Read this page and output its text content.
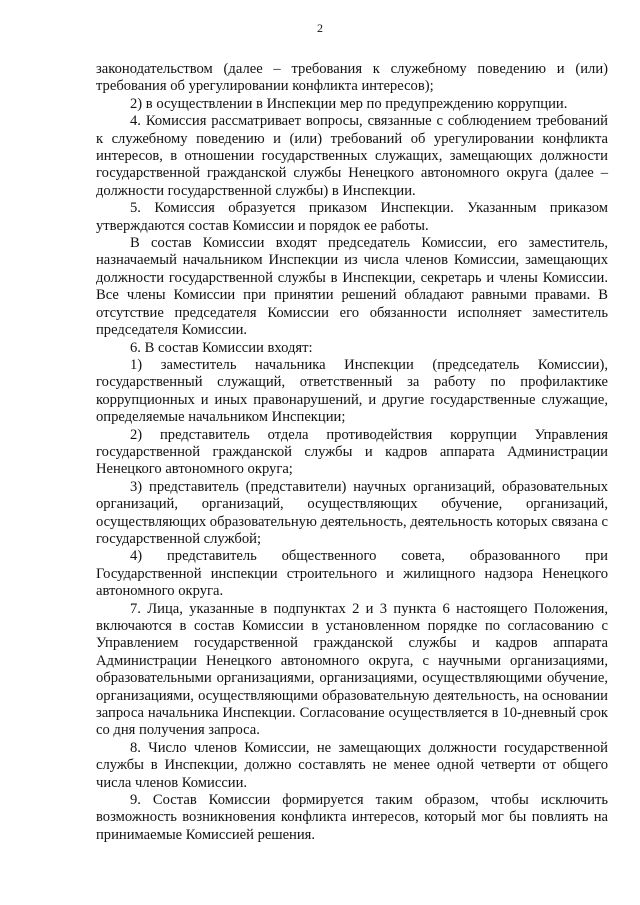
2

законодательством (далее – требования к служебному поведению и (или) требования об урегулировании конфликта интересов);

2) в осуществлении в Инспекции мер по предупреждению коррупции.

4. Комиссия рассматривает вопросы, связанные с соблюдением требований к служебному поведению и (или) требований об урегулировании конфликта интересов, в отношении государственных служащих, замещающих должности государственной гражданской службы Ненецкого автономного округа (далее – должности государственной службы) в Инспекции.

5. Комиссия образуется приказом Инспекции. Указанным приказом утверждаются состав Комиссии и порядок ее работы.

В состав Комиссии входят председатель Комиссии, его заместитель, назначаемый начальником Инспекции из числа членов Комиссии, замещающих должности государственной службы в Инспекции, секретарь и члены Комиссии. Все члены Комиссии при принятии решений обладают равными правами. В отсутствие председателя Комиссии его обязанности исполняет заместитель председателя Комиссии.

6. В состав Комиссии входят:

1) заместитель начальника Инспекции (председатель Комиссии), государственный служащий, ответственный за работу по профилактике коррупционных и иных правонарушений, и другие государственные служащие, определяемые начальником Инспекции;

2) представитель отдела противодействия коррупции Управления государственной гражданской службы и кадров аппарата Администрации Ненецкого автономного округа;

3) представитель (представители) научных организаций, образовательных организаций, организаций, осуществляющих обучение, организаций, осуществляющих образовательную деятельность, деятельность которых связана с государственной службой;

4) представитель общественного совета, образованного при Государственной инспекции строительного и жилищного надзора Ненецкого автономного округа.

7. Лица, указанные в подпунктах 2 и 3 пункта 6 настоящего Положения, включаются в состав Комиссии в установленном порядке по согласованию с Управлением государственной гражданской службы и кадров аппарата Администрации Ненецкого автономного округа, с научными организациями, образовательными организациями, организациями, осуществляющими обучение, организациями, осуществляющими образовательную деятельность, на основании запроса начальника Инспекции. Согласование осуществляется в 10-дневный срок со дня получения запроса.

8. Число членов Комиссии, не замещающих должности государственной службы в Инспекции, должно составлять не менее одной четверти от общего числа членов Комиссии.

9. Состав Комиссии формируется таким образом, чтобы исключить возможность возникновения конфликта интересов, который мог бы повлиять на принимаемые Комиссией решения.
